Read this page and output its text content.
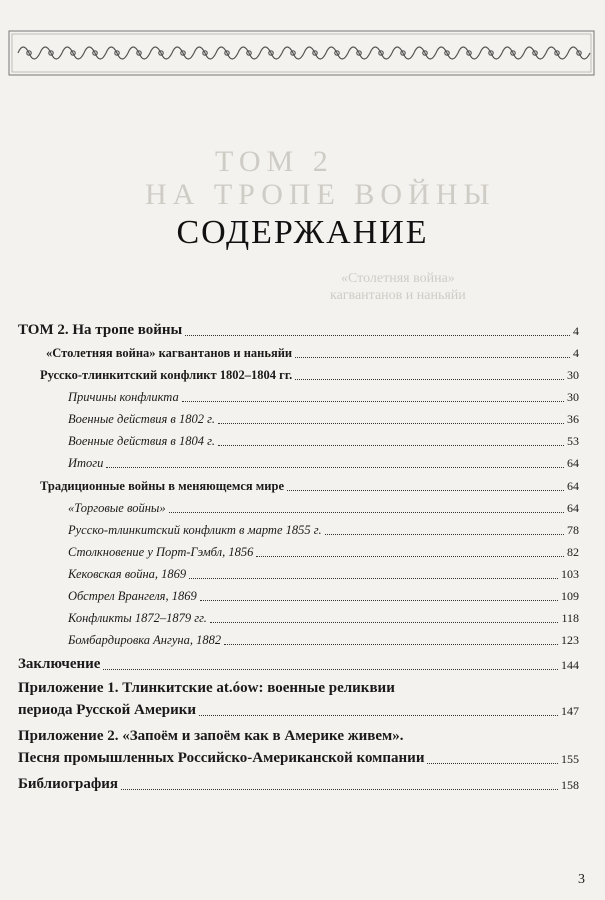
ТОМ 2
НА ТРОПЕ ВОЙНЫ
«Столетняя война»
кагвантанов и наньяйи
СОДЕРЖАНИЕ
ТОМ 2. На тропе войны	4
«Столетняя война» кагвантанов и наньяйи	4
Русско-тлинкитский конфликт 1802–1804 гг.	30
Причины конфликта	30
Военные действия в 1802 г.	36
Военные действия в 1804 г.	53
Итоги	64
Традиционные войны в меняющемся мире	64
«Торговые войны»	64
Русско-тлинкитский конфликт в марте 1855 г.	78
Столкновение у Порт-Гэмбл, 1856	82
Кековская война, 1869	103
Обстрел Врангеля, 1869	109
Конфликты 1872–1879 гг.	118
Бомбардировка Ангуна, 1882	123
Заключение	144
Приложение 1. Тлинкитские at.óow: военные реликвии
периода Русской Америки	147
Приложение 2. «Запоём и запоём как в Америке живем».
Песня промышленных Российско-Американской компании	155
Библиография	158
3
